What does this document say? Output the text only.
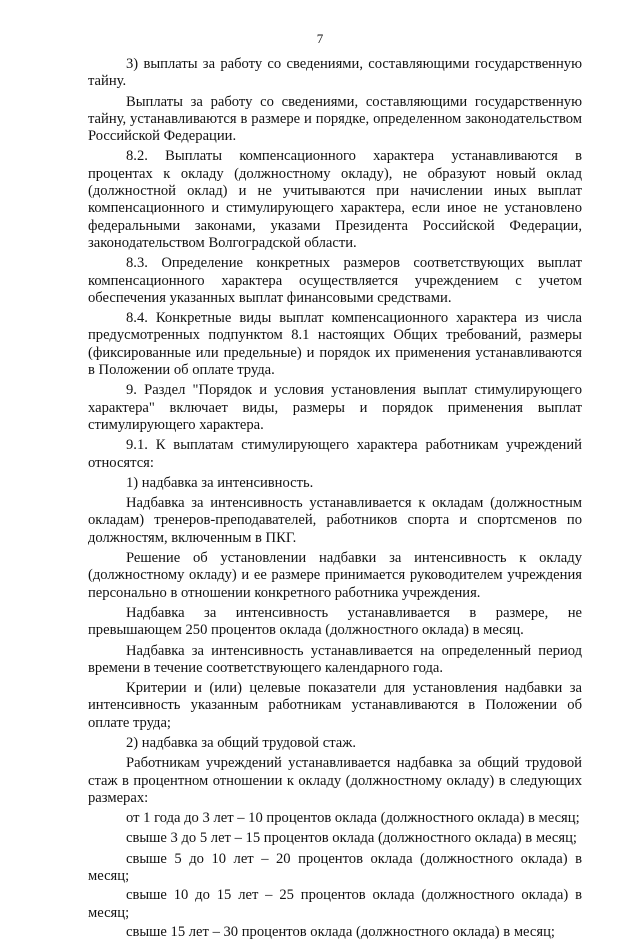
7

3) выплаты за работу со сведениями, составляющими государственную тайну.

Выплаты за работу со сведениями, составляющими государственную тайну, устанавливаются в размере и порядке, определенном законодательством Российской Федерации.

8.2. Выплаты компенсационного характера устанавливаются в процентах к окладу (должностному окладу), не образуют новый оклад (должностной оклад) и не учитываются при начислении иных выплат компенсационного и стимулирующего характера, если иное не установлено федеральными законами, указами Президента Российской Федерации, законодательством Волгоградской области.

8.3. Определение конкретных размеров соответствующих выплат компенсационного характера осуществляется учреждением с учетом обеспечения указанных выплат финансовыми средствами.

8.4. Конкретные виды выплат компенсационного характера из числа предусмотренных подпунктом 8.1 настоящих Общих требований, размеры (фиксированные или предельные) и порядок их применения устанавливаются в Положении об оплате труда.

9. Раздел "Порядок и условия установления выплат стимулирующего характера" включает виды, размеры и порядок применения выплат стимулирующего характера.

9.1. К выплатам стимулирующего характера работникам учреждений относятся:

1) надбавка за интенсивность.

Надбавка за интенсивность устанавливается к окладам (должностным окладам) тренеров-преподавателей, работников спорта и спортсменов по должностям, включенным в ПКГ.

Решение об установлении надбавки за интенсивность к окладу (должностному окладу) и ее размере принимается руководителем учреждения персонально в отношении конкретного работника учреждения.

Надбавка за интенсивность устанавливается в размере, не превышающем 250 процентов оклада (должностного оклада) в месяц.

Надбавка за интенсивность устанавливается на определенный период времени в течение соответствующего календарного года.

Критерии и (или) целевые показатели для установления надбавки за интенсивность указанным работникам устанавливаются в Положении об оплате труда;

2) надбавка за общий трудовой стаж.

Работникам учреждений устанавливается надбавка за общий трудовой стаж в процентном отношении к окладу (должностному окладу) в следующих размерах:

от 1 года до 3 лет – 10 процентов оклада (должностного оклада) в месяц;

свыше 3 до 5 лет – 15 процентов оклада (должностного оклада) в месяц;

свыше 5 до 10 лет – 20 процентов оклада (должностного оклада) в месяц;

свыше 10 до 15 лет – 25 процентов оклада (должностного оклада) в месяц;

свыше 15 лет – 30 процентов оклада (должностного оклада) в месяц;
